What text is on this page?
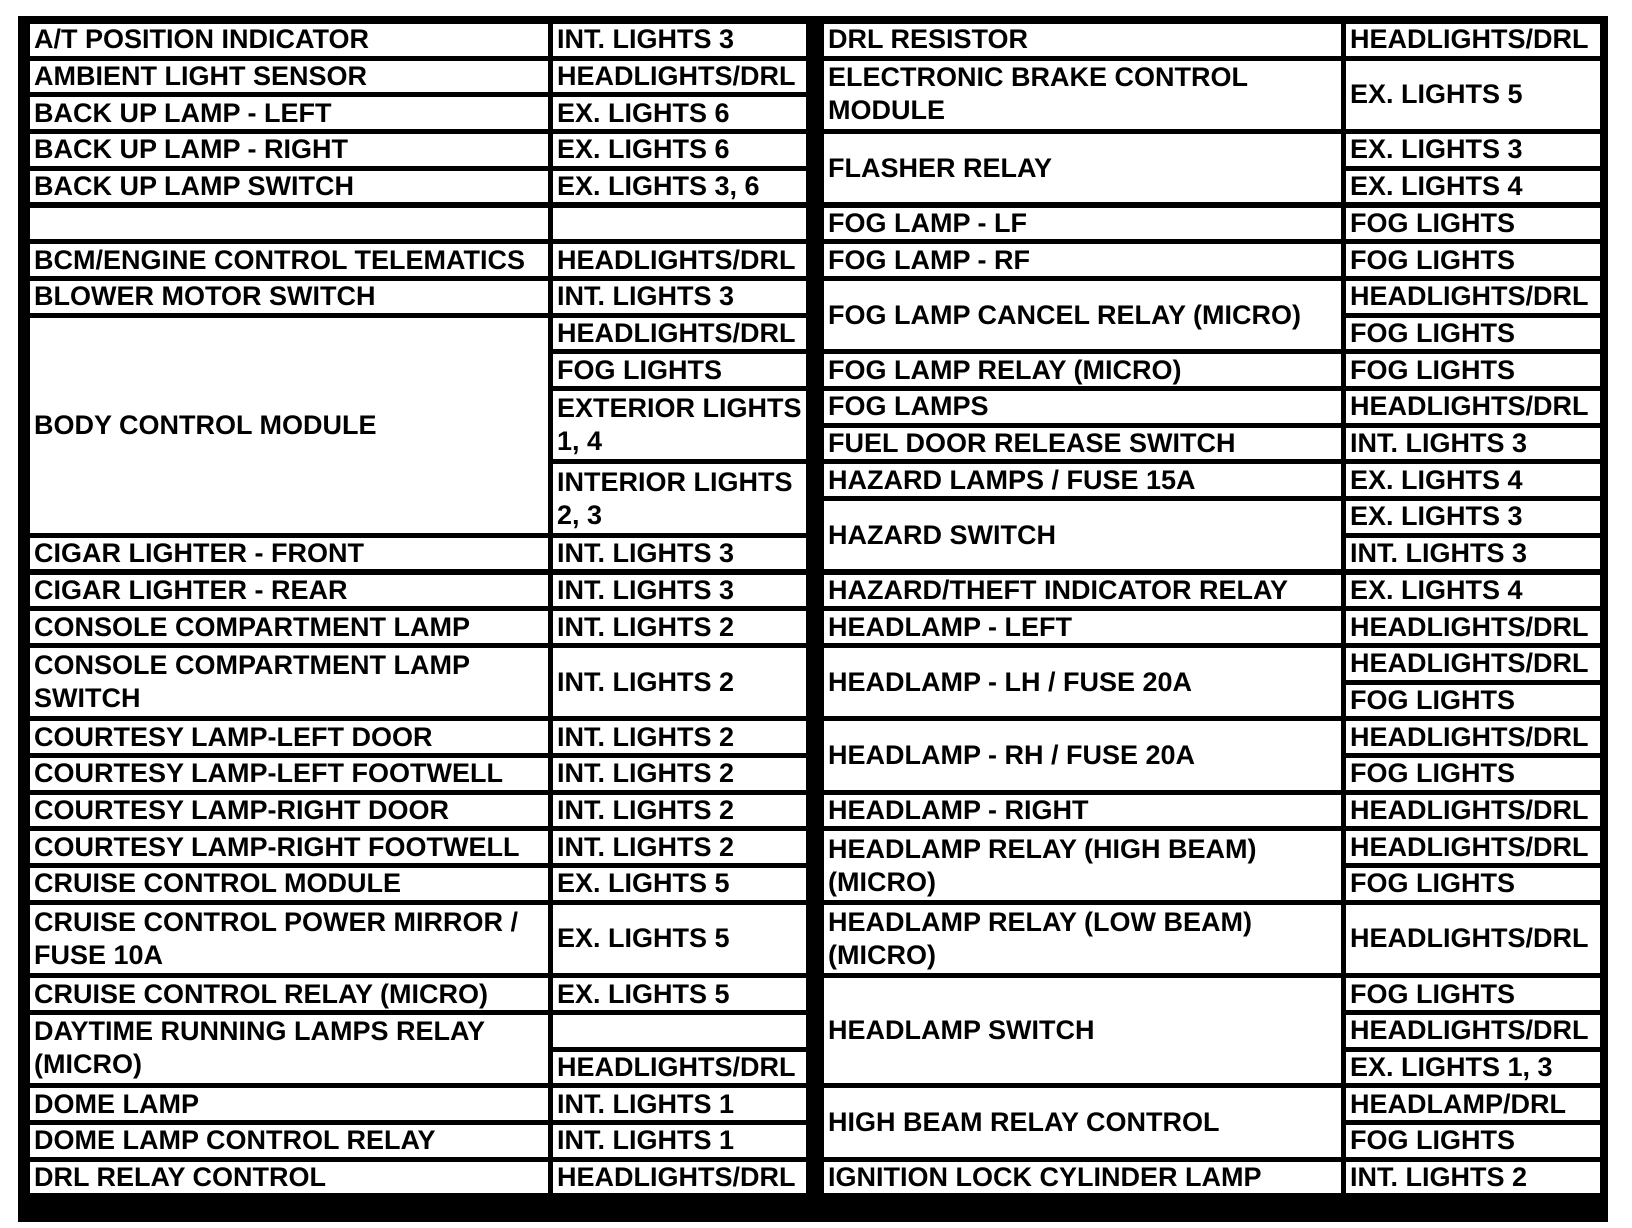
A/T POSITION INDICATOR
AMBIENT LIGHT SENSOR
BACK UP LAMP - LEFT
BACK UP LAMP - RIGHT
BACK UP LAMP SWITCH
BCM/ENGINE CONTROL TELEMATICS
BLOWER MOTOR SWITCH
BODY CONTROL MODULE
CIGAR LIGHTER - FRONT
CIGAR LIGHTER - REAR
CONSOLE COMPARTMENT LAMP
CONSOLE COMPARTMENT LAMP
SWITCH
COURTESY LAMP-LEFT DOOR
COURTESY LAMP-LEFT FOOTWELL
COURTESY LAMP-RIGHT DOOR
COURTESY LAMP-RIGHT FOOTWELL
CRUISE CONTROL MODULE
CRUISE CONTROL POWER MIRROR /
FUSE 10A
CRUISE CONTROL RELAY (MICRO)
DAYTIME RUNNING LAMPS RELAY
(MICRO)
DOME LAMP
DOME LAMP CONTROL RELAY
DRL RELAY CONTROL
INT. LIGHTS 3
HEADLIGHTS/DRL
EX. LIGHTS 6
EX. LIGHTS 6
EX. LIGHTS 3, 6
HEADLIGHTS/DRL
INT. LIGHTS 3
HEADLIGHTS/DRL
FOG LIGHTS
EXTERIOR LIGHTS
1, 4
INTERIOR LIGHTS
2, 3
INT. LIGHTS 3
INT. LIGHTS 3
INT. LIGHTS 2
INT. LIGHTS 2
INT. LIGHTS 2
INT. LIGHTS 2
INT. LIGHTS 2
INT. LIGHTS 2
EX. LIGHTS 5
EX. LIGHTS 5
EX. LIGHTS 5
HEADLIGHTS/DRL
INT. LIGHTS 1
INT. LIGHTS 1
HEADLIGHTS/DRL
DRL RESISTOR
ELECTRONIC BRAKE CONTROL
MODULE
FLASHER RELAY
FOG LAMP - LF
FOG LAMP - RF
FOG LAMP CANCEL RELAY (MICRO)
FOG LAMP RELAY (MICRO)
FOG LAMPS
FUEL DOOR RELEASE SWITCH
HAZARD LAMPS / FUSE 15A
HAZARD SWITCH
HAZARD/THEFT INDICATOR RELAY
HEADLAMP - LEFT
HEADLAMP - LH / FUSE 20A
HEADLAMP - RH / FUSE 20A
HEADLAMP - RIGHT
HEADLAMP RELAY (HIGH BEAM)
(MICRO)
HEADLAMP RELAY (LOW BEAM)
(MICRO)
HEADLAMP SWITCH
HIGH BEAM RELAY CONTROL
IGNITION LOCK CYLINDER LAMP
HEADLIGHTS/DRL
EX. LIGHTS 5
EX. LIGHTS 3
EX. LIGHTS 4
FOG LIGHTS
FOG LIGHTS
HEADLIGHTS/DRL
FOG LIGHTS
FOG LIGHTS
HEADLIGHTS/DRL
INT. LIGHTS 3
EX. LIGHTS 4
EX. LIGHTS 3
INT. LIGHTS 3
EX. LIGHTS 4
HEADLIGHTS/DRL
HEADLIGHTS/DRL
FOG LIGHTS
HEADLIGHTS/DRL
FOG LIGHTS
HEADLIGHTS/DRL
HEADLIGHTS/DRL
FOG LIGHTS
HEADLIGHTS/DRL
FOG LIGHTS
HEADLIGHTS/DRL
EX. LIGHTS 1, 3
HEADLAMP/DRL
FOG LIGHTS
INT. LIGHTS 2
